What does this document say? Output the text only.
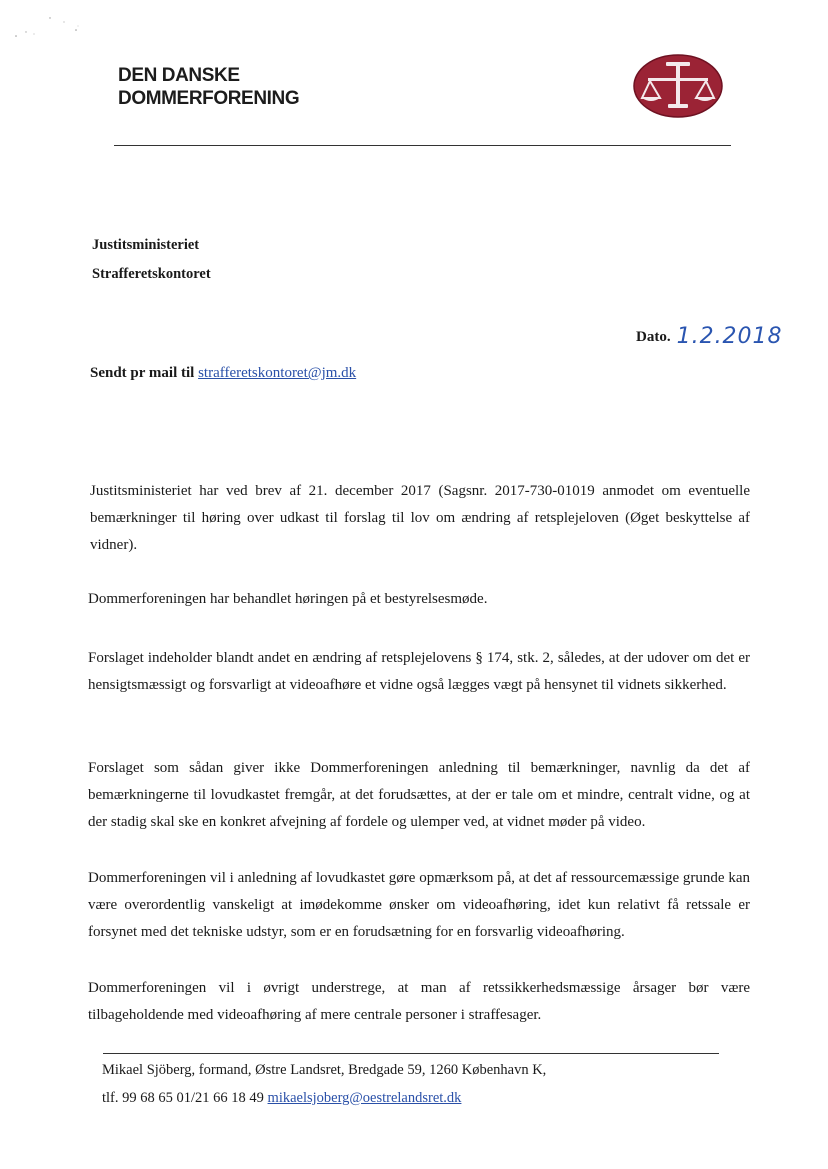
DEN DANSKE
DOMMERFORENING
Justitsministeriet
Strafferetskontoret
Dato. 1.2.2018
Sendt pr mail til strafferetskontoret@jm.dk
Justitsministeriet har ved brev af 21. december 2017 (Sagsnr. 2017-730-01019 anmodet om eventuelle bemærkninger til høring over udkast til forslag til lov om ændring af retsplejeloven (Øget beskyttelse af vidner).
Dommerforeningen har behandlet høringen på et bestyrelsesmøde.
Forslaget indeholder blandt andet en ændring af retsplejelovens § 174, stk. 2, således, at der udover om det er hensigtsmæssigt og forsvarligt at videoafhøre et vidne også lægges vægt på hensynet til vidnets sikkerhed.
Forslaget som sådan giver ikke Dommerforeningen anledning til bemærkninger, navnlig da det af bemærkningerne til lovudkastet fremgår, at det forudsættes, at der er tale om et mindre, centralt vidne, og at der stadig skal ske en konkret afvejning af fordele og ulemper ved, at vidnet møder på video.
Dommerforeningen vil i anledning af lovudkastet gøre opmærksom på, at det af ressourcemæssige grunde kan være overordentlig vanskeligt at imødekomme ønsker om videoafhøring, idet kun relativt få retssale er forsynet med det tekniske udstyr, som er en forudsætning for en forsvarlig videoafhøring.
Dommerforeningen vil i øvrigt understrege, at man af retssikkerhedsmæssige årsager bør være tilbageholdende med videoafhøring af mere centrale personer i straffesager.
Mikael Sjöberg, formand, Østre Landsret, Bredgade 59, 1260 København K,
tlf. 99 68 65 01/21 66 18 49 mikaelsjoberg@oestrelandsret.dk
